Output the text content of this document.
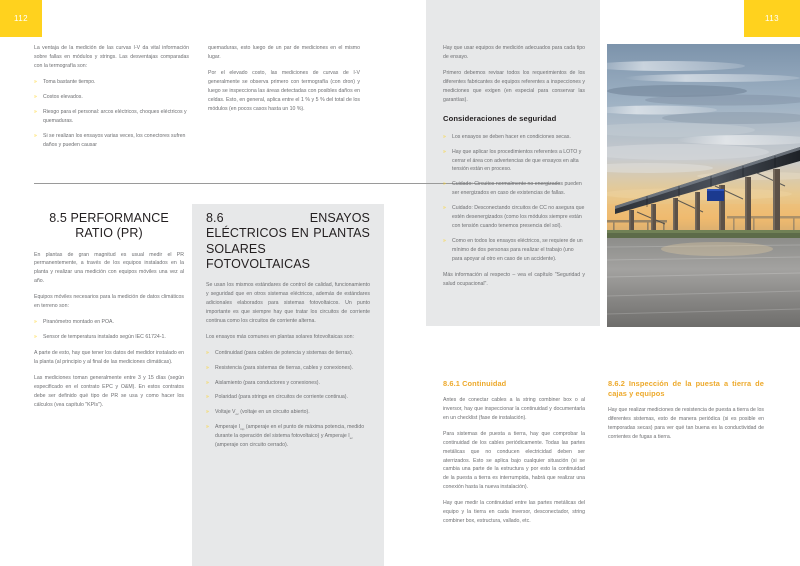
112	113

La ventaja de la medición de las curvas I-V da vital información sobre fallas en módulos y strings. Las desventajas comparadas con la termografía son:

» Toma bastante tiempo.
» Costos elevados.
» Riesgo para el personal: arcos eléctricos, choques eléctricos y quemaduras.
» Si se realizan los ensayos varias veces, los conectores sufren daños y pueden causar

quemaduras, esto luego de un par de mediciones en el mismo lugar.

Por el elevado costo, las mediciones de curvas de I-V generalmente se observa primero con termografía (con dron) y luego se inspecciona las áreas detectadas con posibles daños en celdas. Esto, en general, aplica entre el 1 % y 5 % del total de los módulos (en pocos casos hasta un 10 %).

Hay que usar equipos de medición adecuados para cada tipo de ensayo.

Primero debemos revisar todos los requerimientos de los diferentes fabricantes de equipos referentes a inspecciones y mediciones que exigen (en especial para conservar las garantías).

Consideraciones de seguridad
» Los ensayos se deben hacer en condiciones secas.
» Hay que aplicar los procedimientos referentes a LOTO y cerrar el área con advertencias de que ensayos en alta tensión están en proceso.
» Cuidado: Circuitos normalmente no energizados pueden ser energizados en caso de existencias de fallas.
» Cuidado: Desconectando circuitos de CC no asegura que estén desenergizados (como los módulos siempre están con tensión cuando tenemos presencia del sol).
» Como en todos los ensayos eléctricos, se requiere de un mínimo de dos personas para realizar el trabajo (uno para apoyar al otro en caso de un accidente).

Más información al respecto – vea el capítulo "Seguridad y salud ocupacional".

8.5 PERFORMANCE RATIO (PR)

En plantas de gran magnitud es usual medir el PR permanentemente, a través de los equipos instalados en la planta y realizar una medición con equipos móviles una vez al año.

Equipos móviles necesarios para la medición de datos climáticos en terreno son:

» Piranómetro montado en POA.
» Sensor de temperatura instalado según IEC 61724-1.

A parte de esto, hay que tener los datos del medidor instalado en la planta (al principio y al final de las mediciones climáticas).

Las mediciones toman generalmente entre 3 y 15 días (según especificado en el contrato EPC y O&M). En estos contratos debe ser definido qué tipo de PR se usa y como hacer los cálculos (vea capítulo "KPIs").

8.6 ENSAYOS ELÉCTRICOS EN PLANTAS SOLARES FOTOVOLTAICAS

Se usan los mismos estándares de control de calidad, funcionamiento y seguridad que en otros sistemas eléctricos, además de estándares adicionales elaborados para sistemas fotovoltaicos. Un punto importante es que siempre hay que tratar los circuitos de corriente continua como los circuitos de corriente alterna.

Los ensayos más comunes en plantas solares fotovoltaicas son:

» Continuidad (para cables de potencia y sistemas de tierras).
» Resistencia (para sistemas de tierras, cables y conexiones).
» Aislamiento (para conductores y conexiones).
» Polaridad (para strings en circuitos de corriente continua).
» Voltaje $V_{oc}$ (voltaje en un circuito abierto).
» Amperaje $I_{mp}$ (amperaje en el punto de máxima potencia, medido durante la operación del sistema fotovoltaico) y Amperaje $I_{sc}$ (amperaje con circuito cerrado).
8.6.1 Continuidad

Antes de conectar cables a la string combiner box o al inversor, hay que inspeccionar la continuidad y documentarla en un checklist (fase de instalación).

Para sistemas de puesta a tierra, hay que comprobar la continuidad de los cables periódicamente. Todas las partes metálicas que no conducen electricidad deben ser aterrizados. Esto se aplica bajo cualquier situación (si se cambia una parte de la estructura y por esto la continuidad de la puesta a tierra es interrumpida, habrá que realizar una conexión hasta la nueva instalación).

Hay que medir la continuidad entre las partes metálicas del equipo y la tierra en cada inversor, desconectador, string combiner box, estructura, vallado, etc.

8.6.2 Inspección de la puesta a tierra de cajas y equipos

Hay que realizar mediciones de resistencia de puesta a tierra de los diferentes sistemas, esto de manera periódica (si es posible en temporadas secas) para ver qué tan buena es la conductividad de corrientes de fugas a tierra.
